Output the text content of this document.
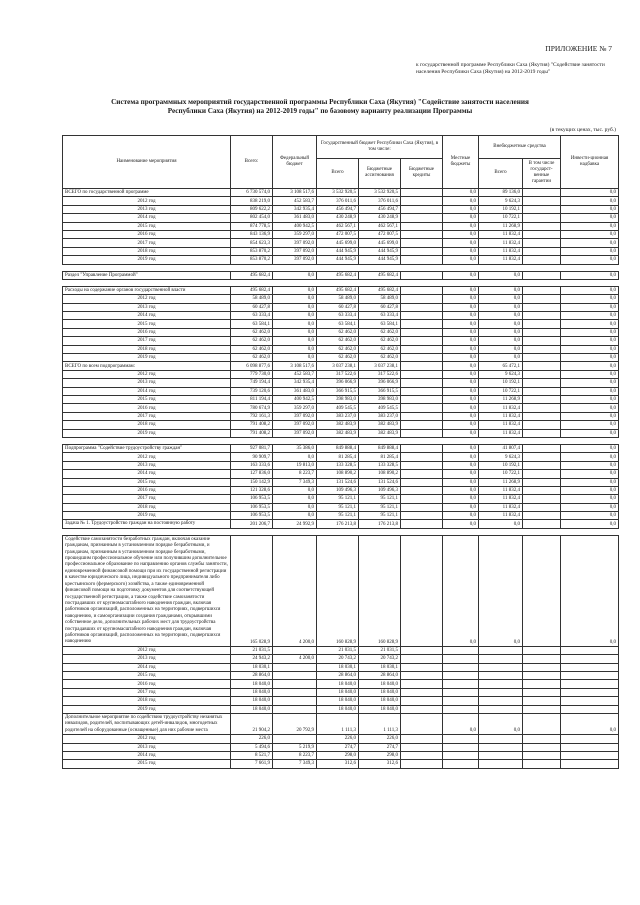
ПРИЛОЖЕНИЕ № 7
к государственной программе Республики Саха (Якутия) "Содействие занятости населения Республики Саха (Якутия) на 2012-2019 годы"
Система программных мероприятий государственной программы Республики Саха (Якутия) "Содействие занятости населения Республики Саха (Якутия) на 2012-2019 годы" по базовому варианту реализации Программы
(в текущих ценах, тыс. руб.)
Наименование мероприятия	Всего:	Федеральный бюджет	Государственный бюджет Республики Саха (Якутия), в том числе:			Местные бюджеты	Внебюджетные средства		Инвести-ционная надбавка
			Всего	Бюджетные ассигнования	Бюджетные кредиты		Всего	В том числе государст-венные гарантии	
ВСЕГО по государственной программе	6 730 574,0	3 108 517,6	3 532 920,5	3 532 920,5		0,0	89 136,0		0,0
2012 год	838 219,0	452 583,7	376 011,6	376 011,6		0,0	9 624,3		0,0
2013 год	809 622,2	342 935,4	456 494,7	456 494,7		0,0	10 192,1		0,0
2014 год	802 454,0	361 483,0	430 248,9	430 248,9		0,0	10 722,1		0,0
2015 год	874 778,5	400 942,5	462 567,1	462 567,1		0,0	11 268,9		0,0
2016 год	843 136,9	359 297,0	472 007,5	472 007,5		0,0	11 832,4		0,0
2017 год	854 623,3	397 092,0	445 699,0	445 699,0		0,0	11 832,4		0,0
2018 год	853 870,2	397 092,0	444 945,9	444 945,9		0,0	11 832,4		0,0
2019 год	853 870,2	397 092,0	444 945,9	444 945,9		0,0	11 832,4		0,0

Раздел "Управление Программой"	495 682,4	0,0	495 682,4	495 682,4		0,0	0,0		0,0

Расходы на содержание органов государственной власти	495 682,4	0,0	495 682,4	495 682,4		0,0	0,0		0,0
2012 год	58 489,0	0,0	58 489,0	58 489,0		0,0	0,0		0,0
2013 год	60 427,8	0,0	60 427,8	60 427,8		0,0	0,0		0,0
2014 год	63 333,4	0,0	63 333,4	63 333,4		0,0	0,0		0,0
2015 год	63 584,1	0,0	63 584,1	63 584,1		0,0	0,0		0,0
2016 год	62 462,0	0,0	62 462,0	62 462,0		0,0	0,0		0,0
2017 год	62 462,0	0,0	62 462,0	62 462,0		0,0	0,0		0,0
2018 год	62 462,0	0,0	62 462,0	62 462,0		0,0	0,0		0,0
2019 год	62 462,0	0,0	62 462,0	62 462,0		0,0	0,0		0,0
ВСЕГО по всем подпрограммам:	6 098 877,6	3 108 517,6	3 037 238,1	3 037 238,1		0,0	65 472,1		0,0
2012 год	779 730,0	452 583,7	317 522,6	317 522,6		0,0	9 624,3		0,0
2013 год	749 194,4	342 935,4	396 066,9	396 066,9		0,0	10 192,1		0,0
2014 год	739 120,6	361 483,0	366 915,5	366 915,5		0,0	10 722,1		0,0
2015 год	811 194,4	400 942,5	398 983,0	398 983,0		0,0	11 268,9		0,0
2016 год	780 674,9	359 297,0	409 545,5	409 545,5		0,0	11 832,4		0,0
2017 год	792 161,3	397 092,0	383 237,0	383 237,0		0,0	11 832,4		0,0
2018 год	791 408,2	397 092,0	382 483,9	382 483,9		0,0	11 832,4		0,0
2019 год	791 408,2	397 092,0	382 483,9	382 483,9		0,0	11 832,4		0,0

Подпрограмма "Содействие трудоустройству граждан"	927 081,7	35 386,0	849 888,4	849 888,4		0,0	41 807,4		0,0
2012 год	90 909,7	0,0	81 285,4	81 285,4		0,0	9 624,3		0,0
2013 год	163 333,6	19 813,0	133 328,5	133 328,5		0,0	10 192,1		0,0
2014 год	127 836,0	8 223,7	108 890,2	108 890,2		0,0	10 722,1		0,0
2015 год	150 142,9	7 349,3	131 524,6	131 524,6		0,0	11 268,9		0,0
2016 год	121 328,6	0,0	109 496,3	109 496,3		0,0	11 832,4		0,0
2017 год	106 953,5	0,0	95 121,1	95 121,1		0,0	11 832,4		0,0
2018 год	106 953,5	0,0	95 121,1	95 121,1		0,0	11 832,4		0,0
2019 год	106 953,5	0,0	95 121,1	95 121,1		0,0	11 832,4		0,0
Задача № 1. Трудоустройство граждан на постоянную работу	201 206,7	24 992,9	176 213,8	176 213,8		0,0	0,0		0,0

Содействие самозанятости безработных граждан, включая оказание гражданам, признанным в установленном порядке безработными, и гражданам, признанным в установленном порядке безработными, прошедшим профессиональное обучение или получившим дополнительное профессиональное образование по направлению органов службы занятости, единовременной финансовой помощи при их государственной регистрации в качестве юридического лица, индивидуального предпринимателя либо крестьянского (фермерского) хозяйства, а также единовременной финансовой помощи на подготовку документов для соответствующей государственной регистрации, а также содействие самозанятости пострадавших от крупномасштабного наводнения граждан, включая работников организаций, расположенных на территориях, подвергшихся наводнению, и самоорганизации создания гражданами, открывшими собственное дело, дополнительных рабочих мест для трудоустройства пострадавших от крупномасштабного наводнения граждан, включая работников организаций, расположенных на территориях, подвергшихся наводнению	165 028,9	4 200,0	160 828,9	160 828,9		0,0	0,0		0,0
2012 год	21 031,5		21 031,5	21 031,5					
2013 год	24 943,2	4 200,0	20 743,2	20 743,2					
2014 год	18 030,1		18 030,1	18 030,1					
2015 год	28 864,0		28 864,0	28 864,0					
2016 год	18 040,0		18 040,0	18 040,0					
2017 год	18 040,0		18 040,0	18 040,0					
2018 год	18 040,0		18 040,0	18 040,0					
2019 год	18 040,0		18 040,0	18 040,0					
Дополнительное мероприятие по содействию трудоустройству незанятых инвалидов, родителей, воспитывающих детей-инвалидов, многодетных родителей на оборудованные (оснащенные) для них рабочие места	21 904,2	20 792,9	1 111,3	1 111,3		0,0	0,0		0,0
2012 год	226,0		226,0	226,0					
2013 год	5 494,6	5 219,9	274,7	274,7					
2014 год	8 521,7	8 223,7	298,0	298,0					
2015 год	7 661,9	7 349,3	312,6	312,6					
